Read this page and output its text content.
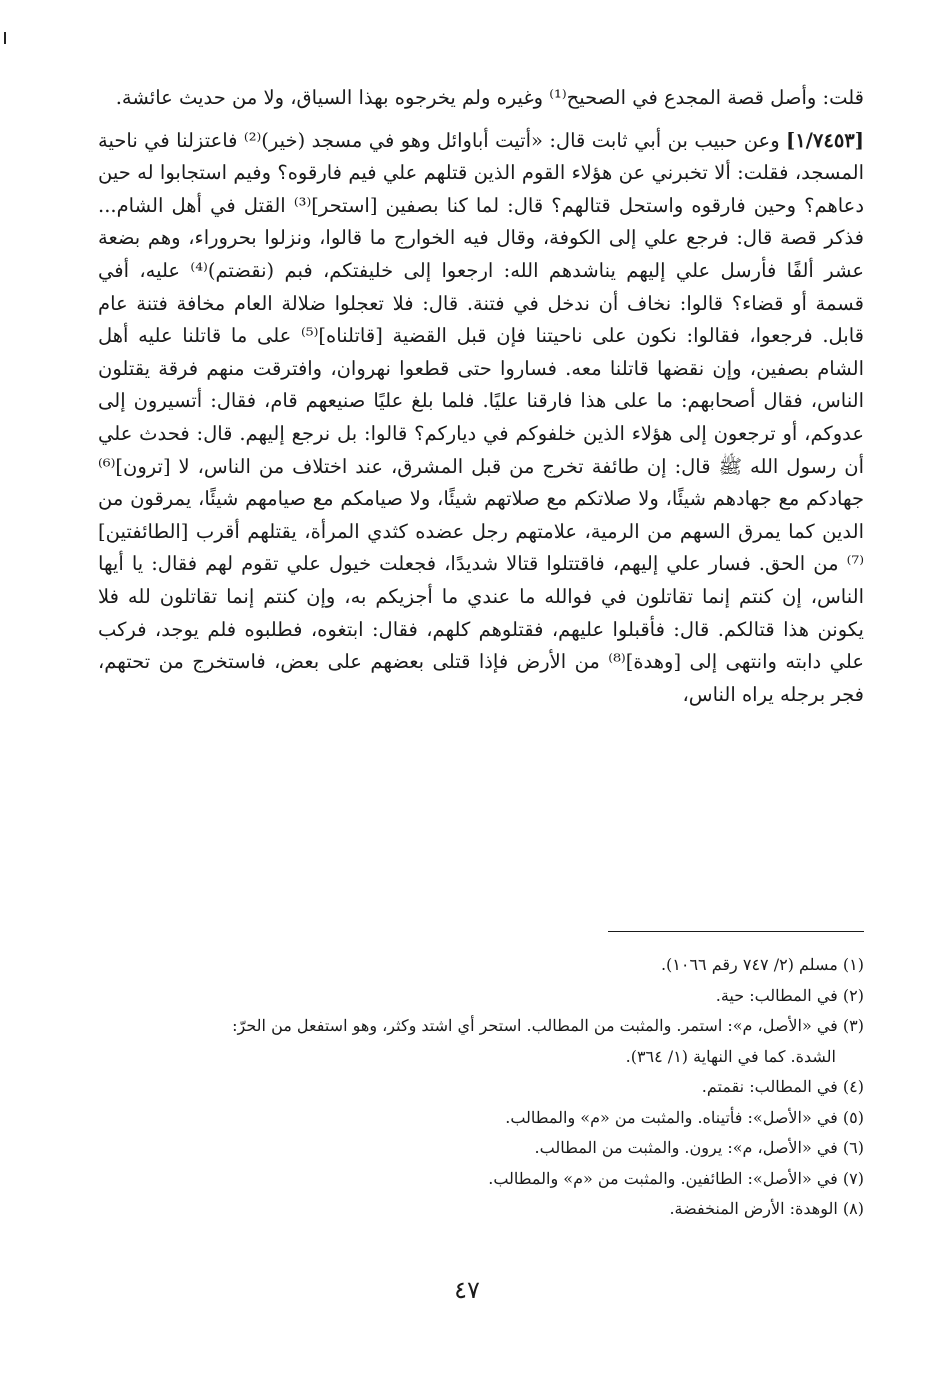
قلت: وأصل قصة المجدع في الصحيح⁽¹⁾ وغيره ولم يخرجوه بهذا السياق، ولا من حديث عائشة.

[١/٧٤٥٣] وعن حبيب بن أبي ثابت قال: «أتيت أباوائل وهو في مسجد (خير)⁽²⁾ فاعتزلنا في ناحية المسجد، فقلت: ألا تخبرني عن هؤلاء القوم الذين قتلهم علي فيم فارقوه؟ وفيم استجابوا له حين دعاهم؟ وحين فارقوه واستحل قتالهم؟ قال: لما كنا بصفين [استحر]⁽³⁾ القتل في أهل الشام... فذكر قصة قال: فرجع علي إلى الكوفة، وقال فيه الخوارج ما قالوا، ونزلوا بحروراء، وهم بضعة عشر ألفًا فأرسل علي إليهم يناشدهم الله: ارجعوا إلى خليفتكم، فبم (نقضتم)⁽⁴⁾ عليه، أفي قسمة أو قضاء؟ قالوا: نخاف أن ندخل في فتنة. قال: فلا تعجلوا ضلالة العام مخافة فتنة عام قابل. فرجعوا، فقالوا: نكون على ناحيتنا فإن قبل القضية [قاتلناه]⁽⁵⁾ على ما قاتلنا عليه أهل الشام بصفين، وإن نقضها قاتلنا معه. فساروا حتى قطعوا نهروان، وافترقت منهم فرقة يقتلون الناس، فقال أصحابهم: ما على هذا فارقنا عليًا. فلما بلغ عليًا صنيعهم قام، فقال: أتسيرون إلى عدوكم، أو ترجعون إلى هؤلاء الذين خلفوكم في دياركم؟ قالوا: بل نرجع إليهم. قال: فحدث علي أن رسول الله ﷺ قال: إن طائفة تخرج من قبل المشرق، عند اختلاف من الناس، لا [ترون]⁽⁶⁾ جهادكم مع جهادهم شيئًا، ولا صلاتكم مع صلاتهم شيئًا، ولا صيامكم مع صيامهم شيئًا، يمرقون من الدين كما يمرق السهم من الرمية، علامتهم رجل عضده كثدي المرأة، يقتلهم أقرب [الطائفتين]⁽⁷⁾ من الحق. فسار علي إليهم، فاقتتلوا قتالا شديدًا، فجعلت خيول علي تقوم لهم فقال: يا أيها الناس، إن كنتم إنما تقاتلون في فوالله ما عندي ما أجزيكم به، وإن كنتم إنما تقاتلون لله فلا يكونن هذا قتالكم. قال: فأقبلوا عليهم، فقتلوهم كلهم، فقال: ابتغوه، فطلبوه فلم يوجد، فركب علي دابته وانتهى إلى [وهدة]⁽⁸⁾ من الأرض فإذا قتلى بعضهم على بعض، فاستخرج من تحتهم، فجر برجله يراه الناس،

(١) مسلم (٢/ ٧٤٧ رقم ١٠٦٦).
(٢) في المطالب: حية.
(٣) في «الأصل، م»: استمر. والمثبت من المطالب. استحر أي اشتد وكثر، وهو استفعل من الحرّ:
الشدة. كما في النهاية (١/ ٣٦٤).
(٤) في المطالب: نقمتم.
(٥) في «الأصل»: فأتيناه. والمثبت من «م» والمطالب.
(٦) في «الأصل، م»: يرون. والمثبت من المطالب.
(٧) في «الأصل»: الطائفين. والمثبت من «م» والمطالب.
(٨) الوهدة: الأرض المنخفضة.
٤٧
